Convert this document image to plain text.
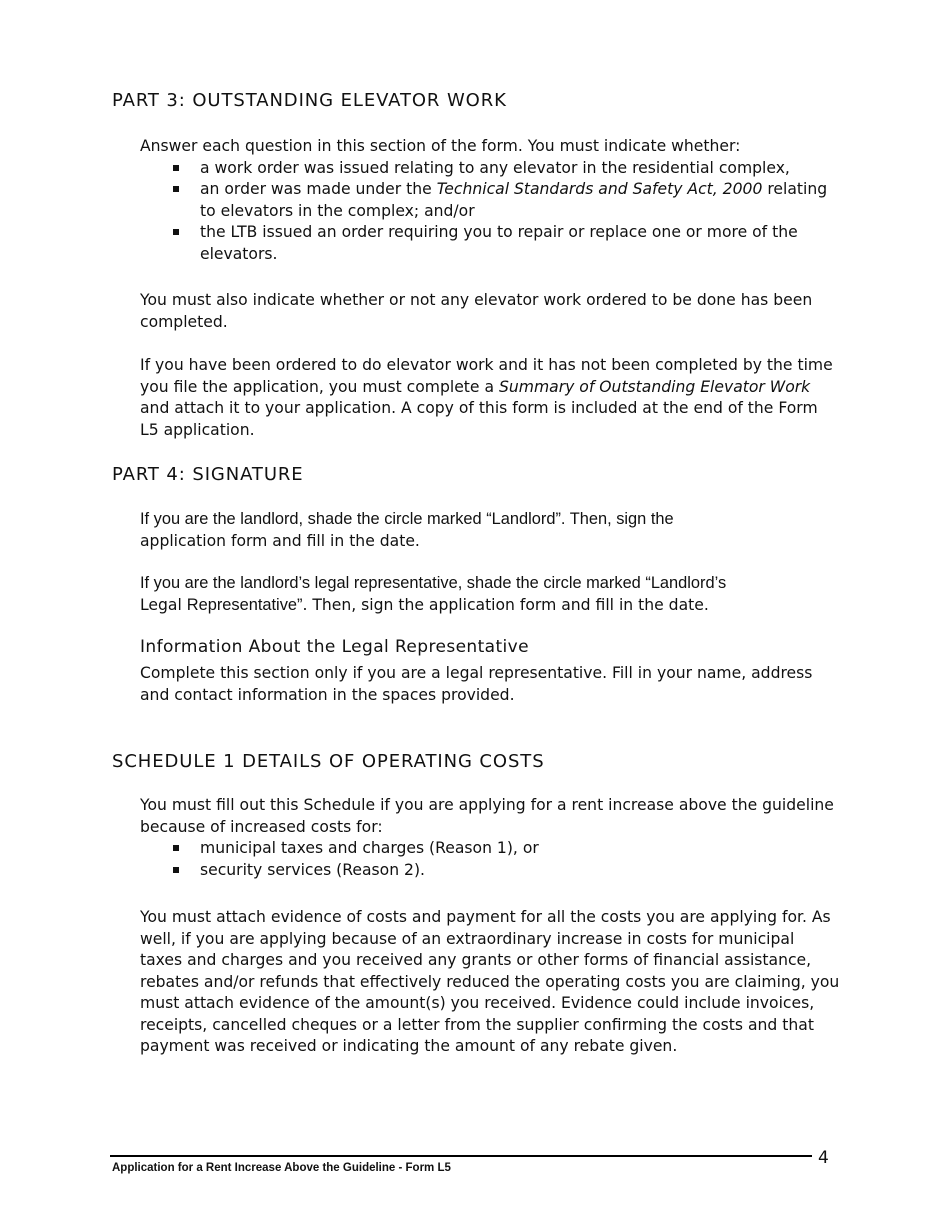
PART 3: OUTSTANDING ELEVATOR WORK

Answer each question in this section of the form. You must indicate whether:

a work order was issued relating to any elevator in the residential complex,
an order was made under the Technical Standards and Safety Act, 2000 relating to elevators in the complex; and/or
the LTB issued an order requiring you to repair or replace one or more of the elevators.
You must also indicate whether or not any elevator work ordered to be done has been completed.
If you have been ordered to do elevator work and it has not been completed by the time you file the application, you must complete a Summary of Outstanding Elevator Work and attach it to your application. A copy of this form is included at the end of the Form L5 application.
PART 4: SIGNATURE
If you are the landlord, shade the circle marked “Landlord”. Then, sign the
application form and fill in the date.
If you are the landlord’s legal representative, shade the circle marked “Landlord’s
Legal Representative”. Then, sign the application form and fill in the date.
Information About the Legal Representative
Complete this section only if you are a legal representative. Fill in your name, address and contact information in the spaces provided.
SCHEDULE 1 DETAILS OF OPERATING COSTS

You must fill out this Schedule if you are applying for a rent increase above the guideline because of increased costs for:

municipal taxes and charges (Reason 1), or
security services (Reason 2).
You must attach evidence of costs and payment for all the costs you are applying for. As well, if you are applying because of an extraordinary increase in costs for municipal taxes and charges and you received any grants or other forms of financial assistance, rebates and/or refunds that effectively reduced the operating costs you are claiming, you must attach evidence of the amount(s) you received. Evidence could include invoices, receipts, cancelled cheques or a letter from the supplier confirming the costs and that payment was received or indicating the amount of any rebate given.
4
Application for a Rent Increase Above the Guideline - Form L5
